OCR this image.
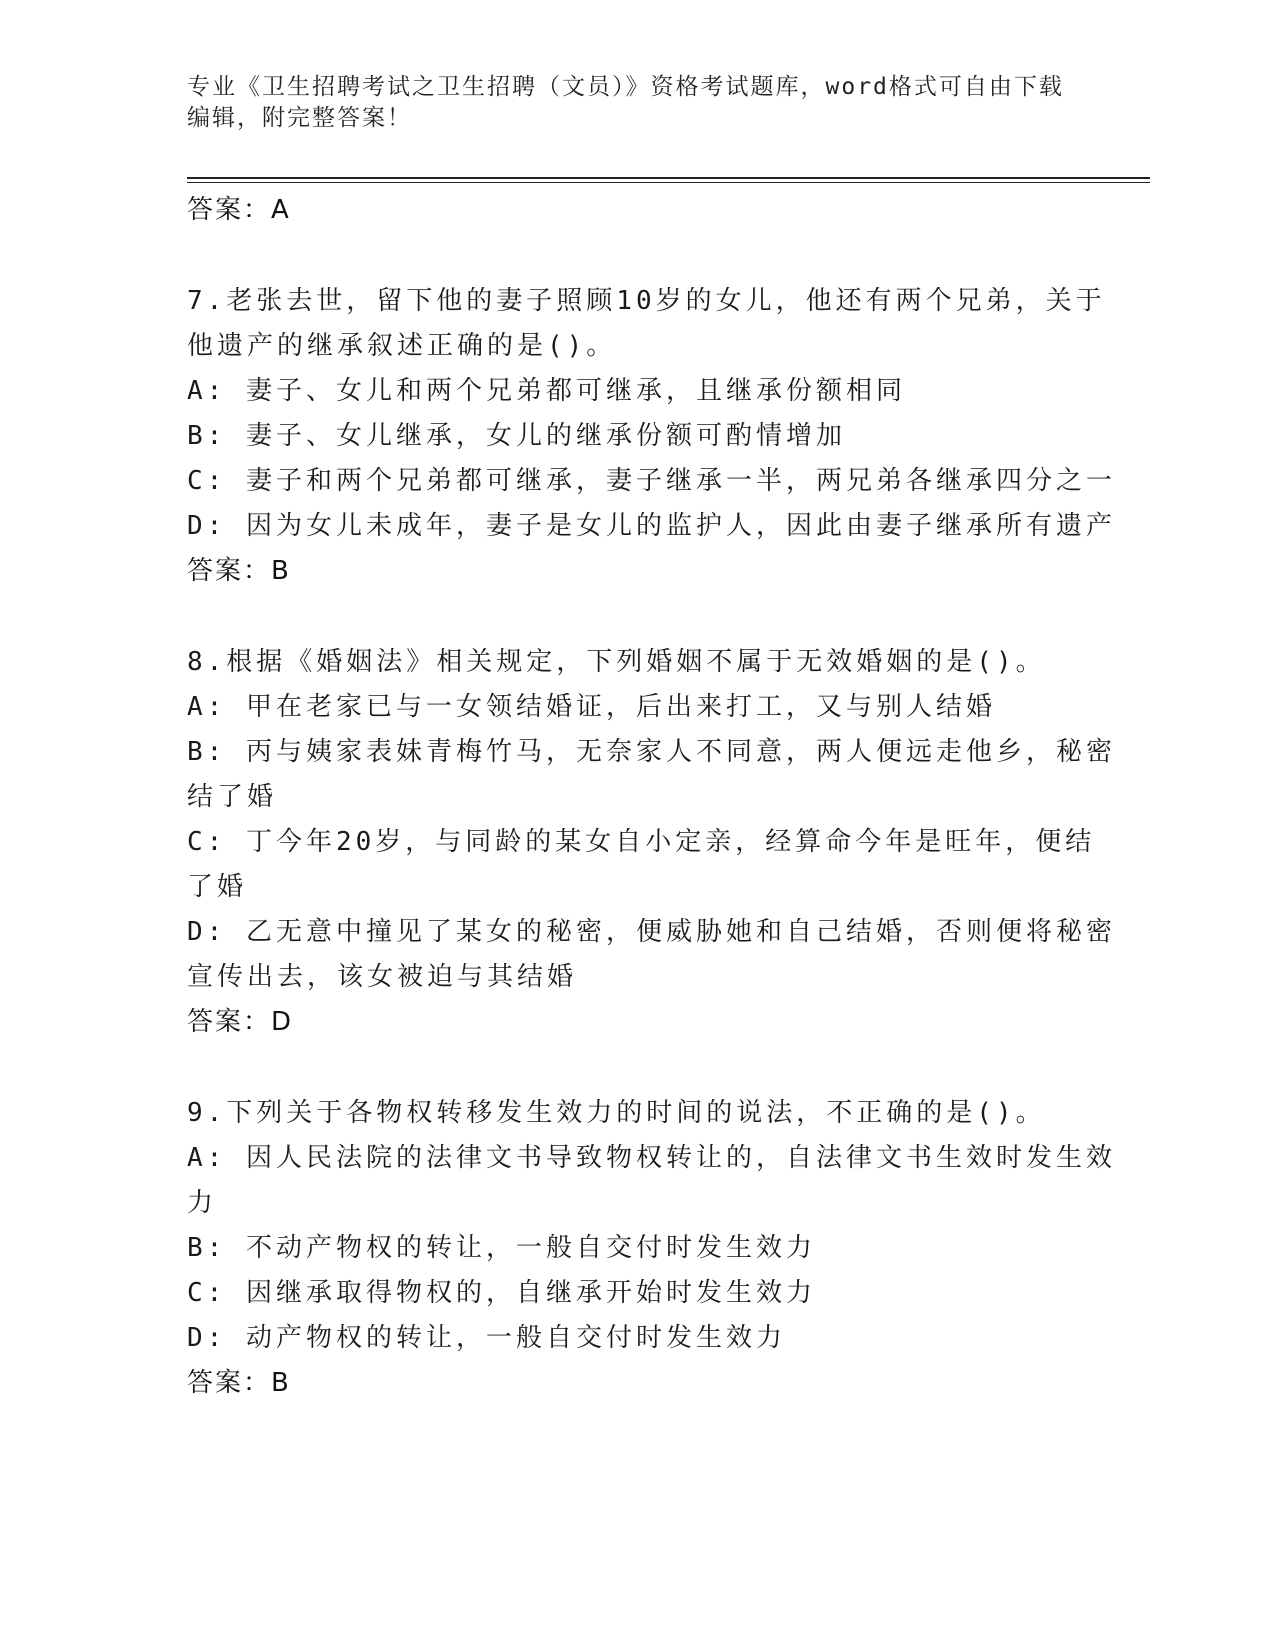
专业《卫生招聘考试之卫生招聘（文员）》资格考试题库，word格式可自由下载
编辑，附完整答案！
答案：A
7.老张去世，留下他的妻子照顾10岁的女儿，他还有两个兄弟，关于
他遗产的继承叙述正确的是()。
A: 妻子、女儿和两个兄弟都可继承，且继承份额相同
B: 妻子、女儿继承，女儿的继承份额可酌情增加
C: 妻子和两个兄弟都可继承，妻子继承一半，两兄弟各继承四分之一
D: 因为女儿未成年，妻子是女儿的监护人，因此由妻子继承所有遗产
答案：B
8.根据《婚姻法》相关规定，下列婚姻不属于无效婚姻的是()。
A: 甲在老家已与一女领结婚证，后出来打工，又与别人结婚
B: 丙与姨家表妹青梅竹马，无奈家人不同意，两人便远走他乡，秘密
结了婚
C: 丁今年20岁，与同龄的某女自小定亲，经算命今年是旺年，便结
了婚
D: 乙无意中撞见了某女的秘密，便威胁她和自己结婚，否则便将秘密
宣传出去，该女被迫与其结婚
答案：D
9.下列关于各物权转移发生效力的时间的说法，不正确的是()。
A: 因人民法院的法律文书导致物权转让的，自法律文书生效时发生效
力
B: 不动产物权的转让，一般自交付时发生效力
C: 因继承取得物权的，自继承开始时发生效力
D: 动产物权的转让，一般自交付时发生效力
答案：B
